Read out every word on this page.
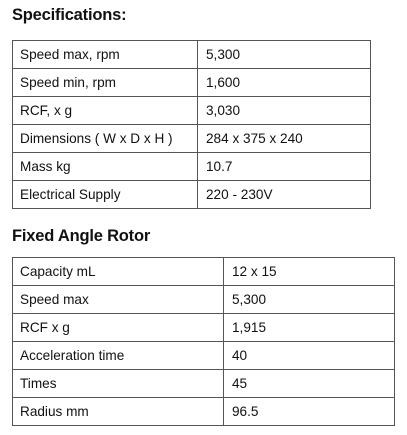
Specifications:
Speed max, rpm	5,300
Speed min, rpm	1,600
RCF, x g	3,030
Dimensions ( W x D x H )	284 x 375 x 240
Mass kg	10.7
Electrical Supply	220 - 230V
Fixed Angle Rotor
Capacity mL	12 x 15
Speed max	5,300
RCF x g	1,915
Acceleration time	40
Times	45
Radius mm	96.5
